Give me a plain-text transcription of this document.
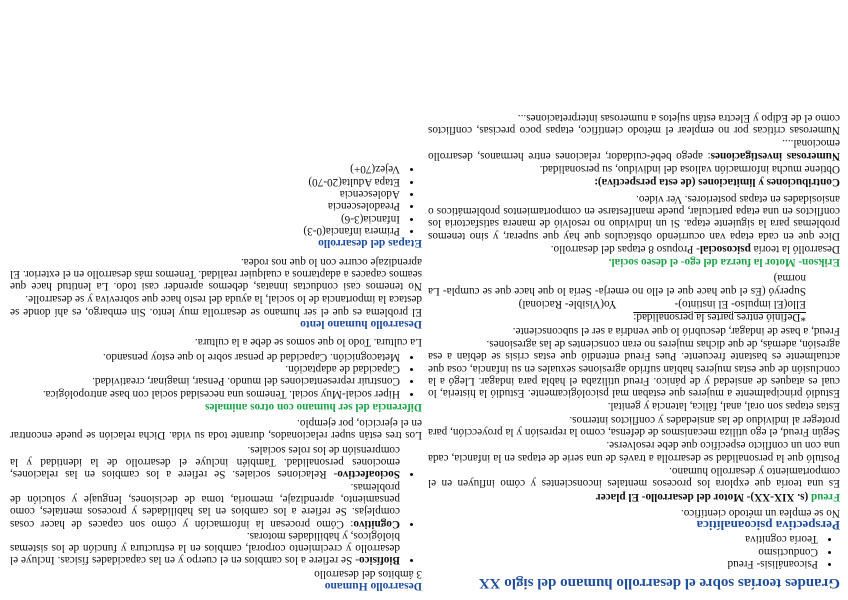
Grandes teorías sobre el desarrollo humano del siglo XX
• Psicoanálisis- Freud
• Conductismo
• Teoría cognitiva
Perspectiva psicoanalítica

No se emplea un método científico.

Freud (s. XIX-XX)- Motor del desarrollo- El placer

Es una teoría que explora los procesos mentales inconscientes y cómo influyen en el comportamiento y desarrollo humano.

Postuló que la personalidad se desarrolla a través de una serie de etapas en la infancia, cada una con un conflicto específico que debe resolverse.

Según Freud, el ego utiliza mecanismos de defensa, como la represión y la proyección, para proteger al individuo de las ansiedades y conflictos internos.

Estas etapas son oral, anal, fálica, latencia y genital.

Estudió principalmente a mujeres que estaban mal psicológicamente. Estudió la histeria, lo cual es ataques de ansiedad y de pánico. Freud utilizaba el habla para indagar. Llegó a la conclusión de que estas mujeres habían sufrido agresiones sexuales en su infancia, cosa que actualmente es bastante frecuente. Pues Freud entendió que estas crisis se debían a esa agresión, además, de que dichas mujeres no eran conscientes de las agresiones.

Freud, a base de indagar, descubrió lo que vendría a ser el subconsciente.

*Definió entres partes la personalidad:

Ello(El impulso- El instinto)-Yo(Visible- Racional)

Superyó (Es el que hace que el ello no emerja- Sería lo que hace que se cumpla- La norma)

Erikson- Motor la fuerza del ego- el deseo social.

Desarrolló la teoría psicosocial- Propuso 8 etapas del desarrollo.

Dice que en cada etapa van ocurriendo obstáculos que hay que superar, y sino tenemos problemas para la siguiente etapa. Si un individuo no resolvió de manera satisfactoria los conflictos en una etapa particular, puede manifestarse en comportamientos problemáticos o ansiosidades en etapas posteriores. Ver video.

Contribuciones y limitaciones (de esta perspectiva):

Obtiene mucha información valiosa del individuo, su personalidad.

Numerosas investigaciones: apego bebé-cuidador, relaciones entre hermanos, desarrollo emocional....

Numerosas críticas por no emplear el método científico, etapas poco precisas, conflictos como el de Edipo y Electra están sujetos a numerosas interpretaciones...

Desarrollo Humano

3 ámbitos del desarrollo

• Biofísico- Se refiere a los cambios en el cuerpo y en las capacidades físicas. Incluye el desarrollo y crecimiento corporal, cambios en la estructura y función de los sistemas biológicos, y habilidades motoras.
• Cognitivo: Cómo procesan la información y cómo son capaces de hacer cosas complejas. Se refiere a los cambios en las habilidades y procesos mentales, como pensamiento, aprendizaje, memoria, toma de decisiones, lenguaje y solución de problemas.
• Socioafectivo- Relaciones sociales. Se refiere a los cambios en las relaciones, emociones personalidad. También incluye el desarrollo de la identidad y la comprensión de los roles sociales.

Los tres están super relacionados, durante toda su vida. Dicha relación se puede encontrar en el ejercicio, por ejemplo.

Diferencia del ser humano con otros animales

• Hiper social-Muy social. Tenemos una necesidad social con base antropológica.
• Construir representaciones del mundo. Pensar, imaginar, creatividad.
• Capacidad de adaptación.
• Metacognición. Capacidad de pensar sobre lo que estoy pensando.

La cultura. Todo lo que somos se debe a la cultura.

Desarrollo humano lento

El problema es que el ser humano se desarrolla muy lento. Sin embargo, es ahí donde se destaca la importancia de lo social, la ayuda del resto hace que sobreviva y se desarrolle.

No tenemos casi conductas innatas, debemos aprender casi todo. La lentitud hace que seamos capaces a adaptarnos a cualquier realidad. Tenemos más desarrollo en el exterior. El aprendizaje ocurre con lo que nos rodea.

Etapas del desarrollo
• Primera infancia(0-3)
• Infancia(3-6)
• Preadolescencia
• Adolescencia
• Etapa Adulta(20-70)
• Vejez(70+)
